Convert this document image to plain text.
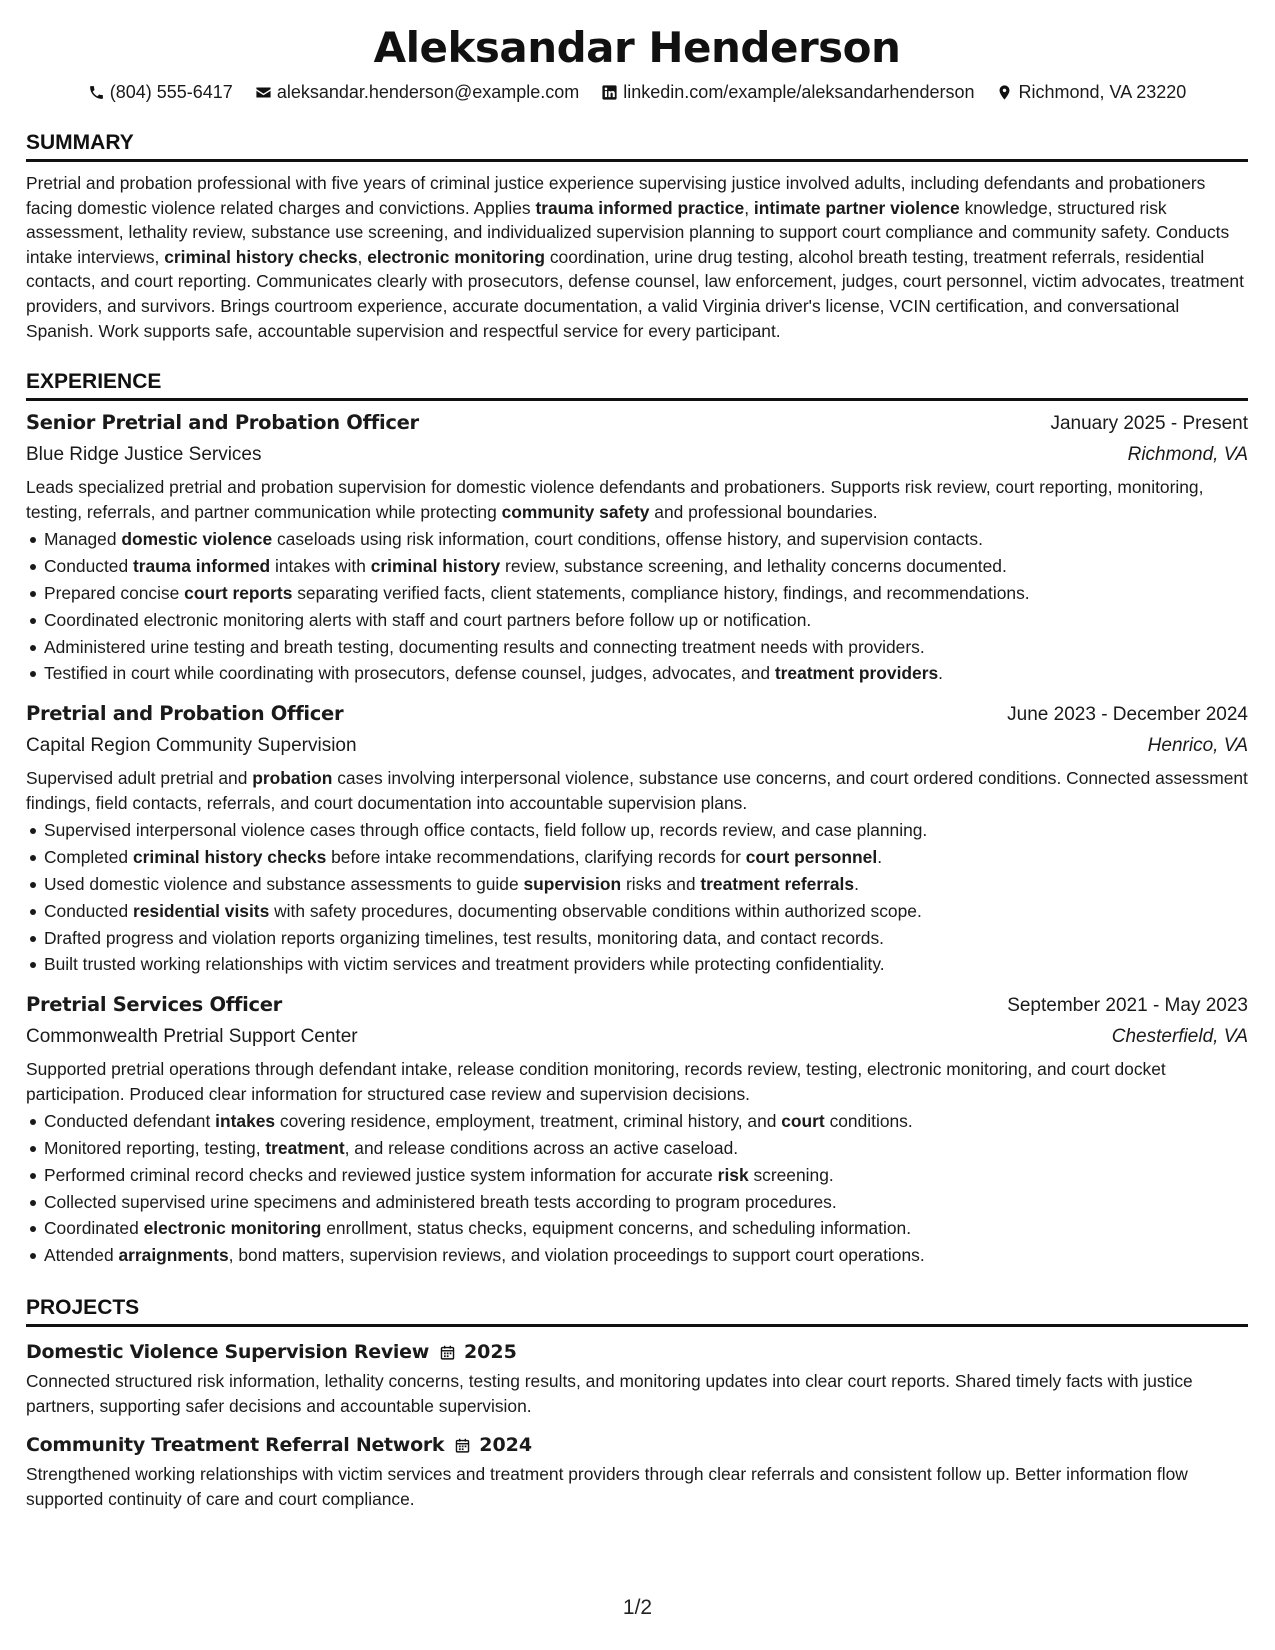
Aleksandar Henderson
(804) 555-6417 aleksandar.henderson@example.com linkedin.com/example/aleksandarhenderson Richmond, VA 23220
SUMMARY

Pretrial and probation professional with five years of criminal justice experience supervising justice involved adults, including defendants and probationers facing domestic violence related charges and convictions. Applies trauma informed practice, intimate partner violence knowledge, structured risk assessment, lethality review, substance use screening, and individualized supervision planning to support court compliance and community safety. Conducts intake interviews, criminal history checks, electronic monitoring coordination, urine drug testing, alcohol breath testing, treatment referrals, residential contacts, and court reporting. Communicates clearly with prosecutors, defense counsel, law enforcement, judges, court personnel, victim advocates, treatment providers, and survivors. Brings courtroom experience, accurate documentation, a valid Virginia driver's license, VCIN certification, and conversational Spanish. Work supports safe, accountable supervision and respectful service for every participant.

EXPERIENCE
Senior Pretrial and Probation Officer	January 2025 - Present
Blue Ridge Justice Services	Richmond, VA

Leads specialized pretrial and probation supervision for domestic violence defendants and probationers. Supports risk review, court reporting, monitoring, testing, referrals, and partner communication while protecting community safety and professional boundaries.

Managed domestic violence caseloads using risk information, court conditions, offense history, and supervision contacts.
Conducted trauma informed intakes with criminal history review, substance screening, and lethality concerns documented.
Prepared concise court reports separating verified facts, client statements, compliance history, findings, and recommendations.
Coordinated electronic monitoring alerts with staff and court partners before follow up or notification.
Administered urine testing and breath testing, documenting results and connecting treatment needs with providers.
Testified in court while coordinating with prosecutors, defense counsel, judges, advocates, and treatment providers.
Pretrial and Probation Officer	June 2023 - December 2024
Capital Region Community Supervision	Henrico, VA

Supervised adult pretrial and probation cases involving interpersonal violence, substance use concerns, and court ordered conditions. Connected assessment findings, field contacts, referrals, and court documentation into accountable supervision plans.

Supervised interpersonal violence cases through office contacts, field follow up, records review, and case planning.
Completed criminal history checks before intake recommendations, clarifying records for court personnel.
Used domestic violence and substance assessments to guide supervision risks and treatment referrals.
Conducted residential visits with safety procedures, documenting observable conditions within authorized scope.
Drafted progress and violation reports organizing timelines, test results, monitoring data, and contact records.
Built trusted working relationships with victim services and treatment providers while protecting confidentiality.
Pretrial Services Officer	September 2021 - May 2023
Commonwealth Pretrial Support Center	Chesterfield, VA

Supported pretrial operations through defendant intake, release condition monitoring, records review, testing, electronic monitoring, and court docket participation. Produced clear information for structured case review and supervision decisions.

Conducted defendant intakes covering residence, employment, treatment, criminal history, and court conditions.
Monitored reporting, testing, treatment, and release conditions across an active caseload.
Performed criminal record checks and reviewed justice system information for accurate risk screening.
Collected supervised urine specimens and administered breath tests according to program procedures.
Coordinated electronic monitoring enrollment, status checks, equipment concerns, and scheduling information.
Attended arraignments, bond matters, supervision reviews, and violation proceedings to support court operations.
PROJECTS
Domestic Violence Supervision Review 2025

Connected structured risk information, lethality concerns, testing results, and monitoring updates into clear court reports. Shared timely facts with justice partners, supporting safer decisions and accountable supervision.

Community Treatment Referral Network 2024

Strengthened working relationships with victim services and treatment providers through clear referrals and consistent follow up. Better information flow supported continuity of care and court compliance.

1/2
